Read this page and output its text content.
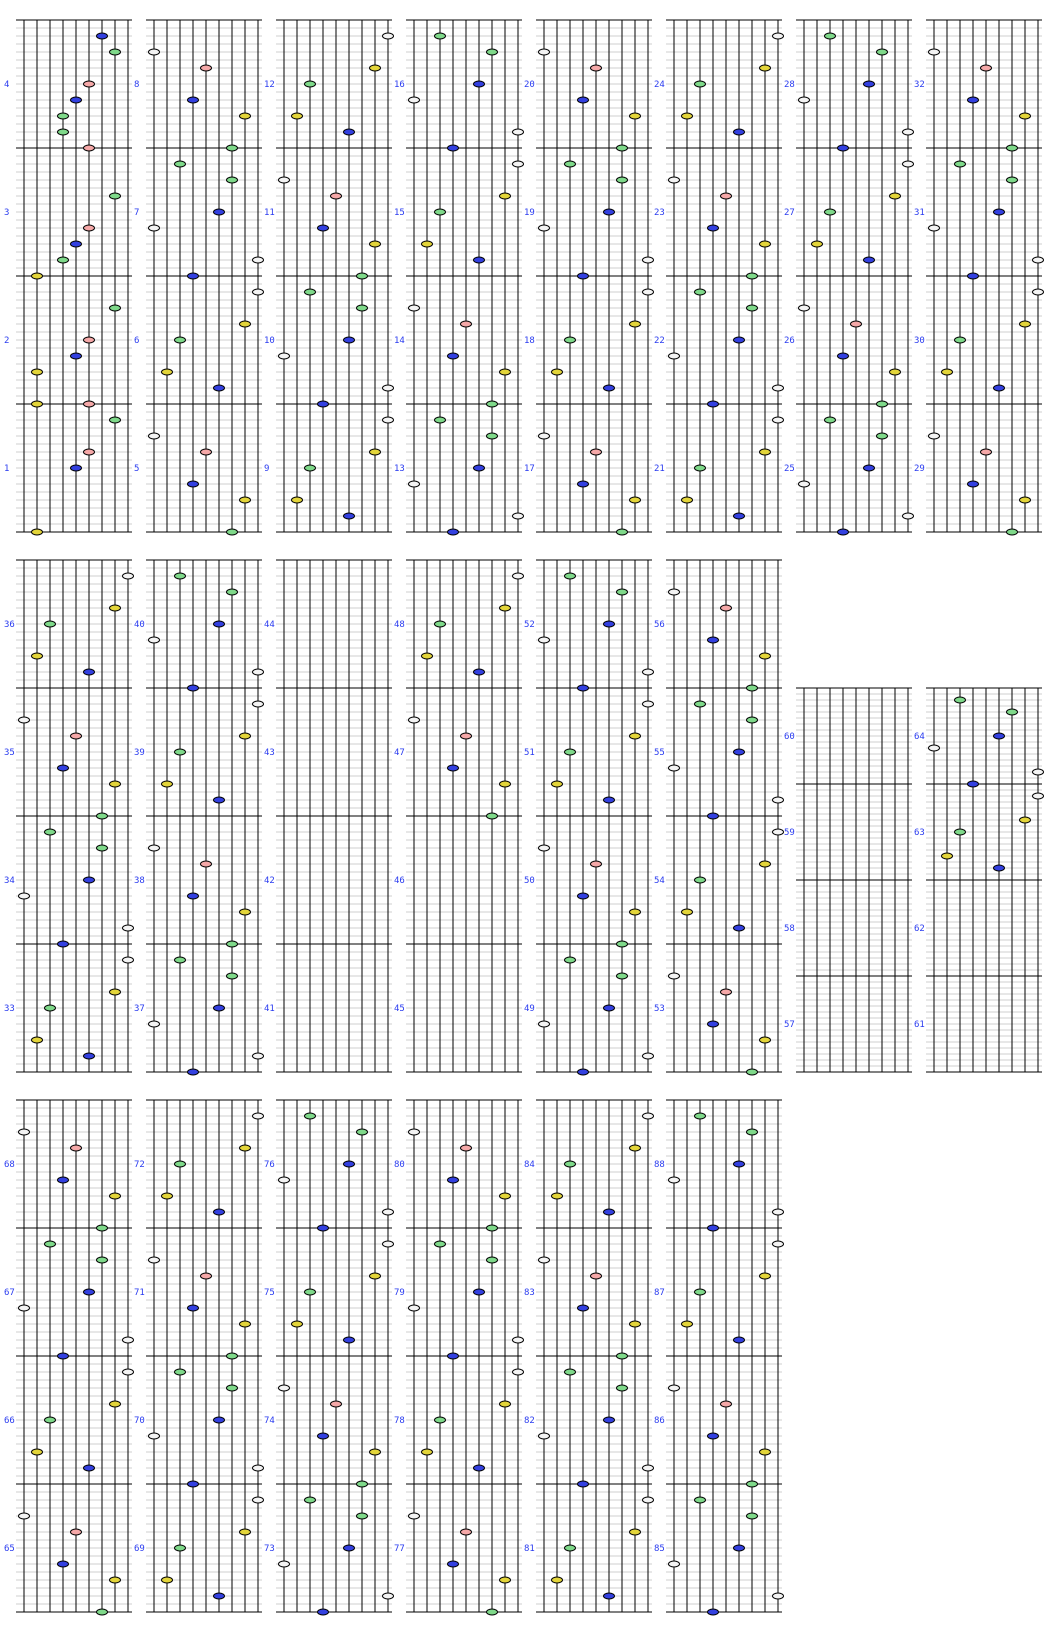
1
2
3
4
5
6
7
8
9
10
11
12
13
14
15
16
17
18
19
20
21
22
23
24
25
26
27
28
29
30
31
32
33
34
35
36
37
38
39
40
41
42
43
44
45
46
47
48
49
50
51
52
53
54
55
56
57
58
59
60
61
62
63
64
65
66
67
68
69
70
71
72
73
74
75
76
77
78
79
80
81
82
83
84
85
86
87
88
